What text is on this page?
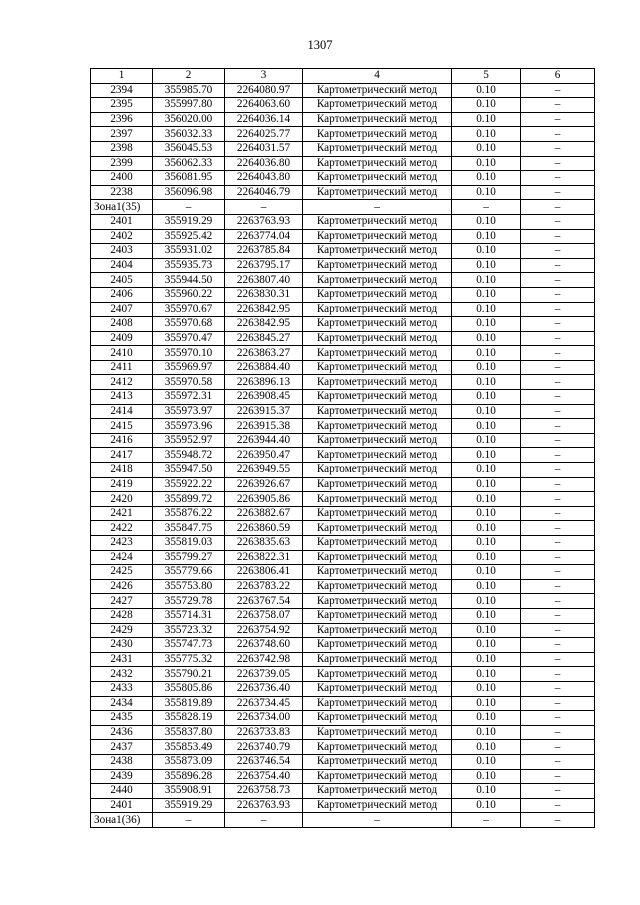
1307
1	2	3	4	5	6
2394	355985.70	2264080.97	Картометрический метод	0.10	–
2395	355997.80	2264063.60	Картометрический метод	0.10	–
2396	356020.00	2264036.14	Картометрический метод	0.10	–
2397	356032.33	2264025.77	Картометрический метод	0.10	–
2398	356045.53	2264031.57	Картометрический метод	0.10	–
2399	356062.33	2264036.80	Картометрический метод	0.10	–
2400	356081.95	2264043.80	Картометрический метод	0.10	–
2238	356096.98	2264046.79	Картометрический метод	0.10	–
Зона1(35)	–	–	–	–	–
2401	355919.29	2263763.93	Картометрический метод	0.10	–
2402	355925.42	2263774.04	Картометрический метод	0.10	–
2403	355931.02	2263785.84	Картометрический метод	0.10	–
2404	355935.73	2263795.17	Картометрический метод	0.10	–
2405	355944.50	2263807.40	Картометрический метод	0.10	–
2406	355960.22	2263830.31	Картометрический метод	0.10	–
2407	355970.67	2263842.95	Картометрический метод	0.10	–
2408	355970.68	2263842.95	Картометрический метод	0.10	–
2409	355970.47	2263845.27	Картометрический метод	0.10	–
2410	355970.10	2263863.27	Картометрический метод	0.10	–
2411	355969.97	2263884.40	Картометрический метод	0.10	–
2412	355970.58	2263896.13	Картометрический метод	0.10	–
2413	355972.31	2263908.45	Картометрический метод	0.10	–
2414	355973.97	2263915.37	Картометрический метод	0.10	–
2415	355973.96	2263915.38	Картометрический метод	0.10	–
2416	355952.97	2263944.40	Картометрический метод	0.10	–
2417	355948.72	2263950.47	Картометрический метод	0.10	–
2418	355947.50	2263949.55	Картометрический метод	0.10	–
2419	355922.22	2263926.67	Картометрический метод	0.10	–
2420	355899.72	2263905.86	Картометрический метод	0.10	–
2421	355876.22	2263882.67	Картометрический метод	0.10	–
2422	355847.75	2263860.59	Картометрический метод	0.10	–
2423	355819.03	2263835.63	Картометрический метод	0.10	–
2424	355799.27	2263822.31	Картометрический метод	0.10	–
2425	355779.66	2263806.41	Картометрический метод	0.10	–
2426	355753.80	2263783.22	Картометрический метод	0.10	–
2427	355729.78	2263767.54	Картометрический метод	0.10	–
2428	355714.31	2263758.07	Картометрический метод	0.10	–
2429	355723.32	2263754.92	Картометрический метод	0.10	–
2430	355747.73	2263748.60	Картометрический метод	0.10	–
2431	355775.32	2263742.98	Картометрический метод	0.10	–
2432	355790.21	2263739.05	Картометрический метод	0.10	–
2433	355805.86	2263736.40	Картометрический метод	0.10	–
2434	355819.89	2263734.45	Картометрический метод	0.10	–
2435	355828.19	2263734.00	Картометрический метод	0.10	–
2436	355837.80	2263733.83	Картометрический метод	0.10	–
2437	355853.49	2263740.79	Картометрический метод	0.10	–
2438	355873.09	2263746.54	Картометрический метод	0.10	–
2439	355896.28	2263754.40	Картометрический метод	0.10	–
2440	355908.91	2263758.73	Картометрический метод	0.10	–
2401	355919.29	2263763.93	Картометрический метод	0.10	–
Зона1(36)	–	–	–	–	–
